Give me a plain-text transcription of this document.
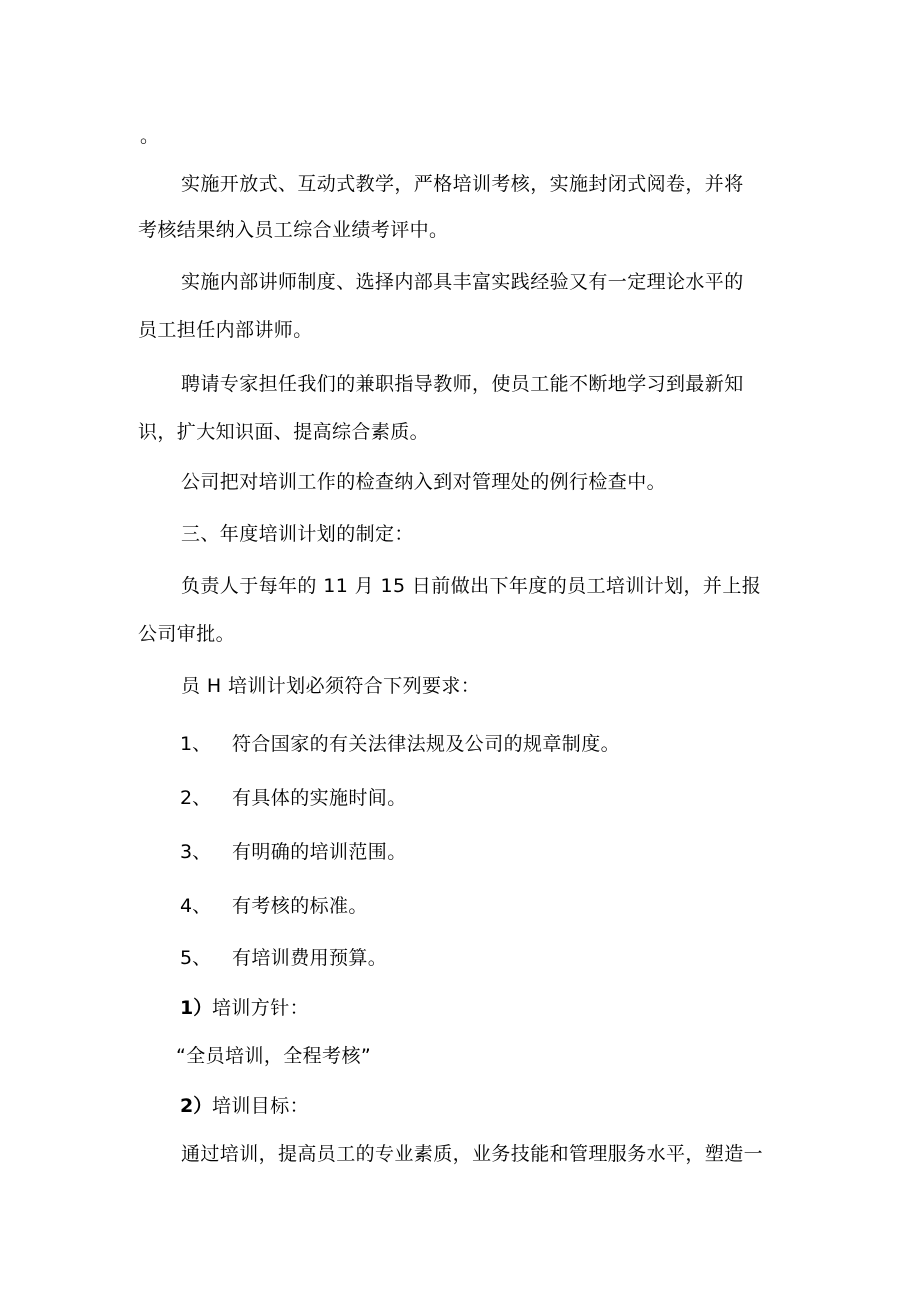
。
实施开放式、互动式教学，严格培训考核，实施封闭式阅卷，并将
考核结果纳入员工综合业绩考评中。
实施内部讲师制度、选择内部具丰富实践经验又有一定理论水平的
员工担任内部讲师。
聘请专家担任我们的兼职指导教师，使员工能不断地学习到最新知
识，扩大知识面、提高综合素质。
公司把对培训工作的检查纳入到对管理处的例行检查中。
三、年度培训计划的制定：
负责人于每年的 11 月 15 日前做出下年度的员工培训计划，并上报
公司审批。
员 H 培训计划必须符合下列要求：
1、 符合国家的有关法律法规及公司的规章制度。
2、 有具体的实施时间。
3、 有明确的培训范围。
4、 有考核的标准。
5、 有培训费用预算。
1） 培训方针：
“全员培训，全程考核”
2） 培训目标：
通过培训，提高员工的专业素质，业务技能和管理服务水平，塑造一
